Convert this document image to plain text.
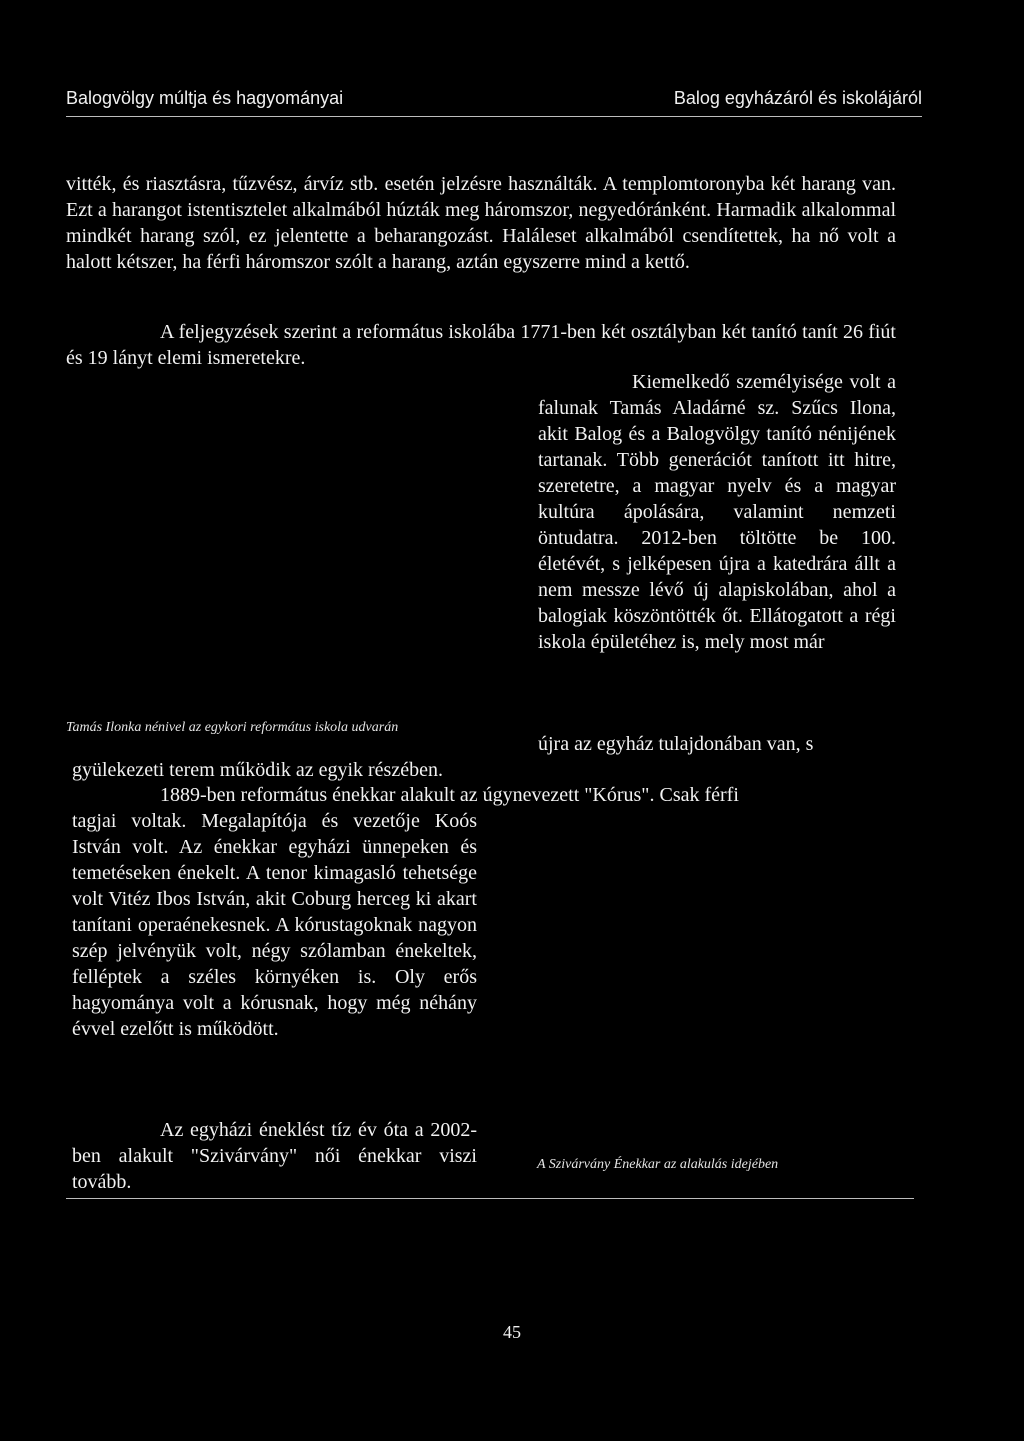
Balogvölgy múltja és hagyományai	Balog egyházáról és iskolájáról

vitték, és riasztásra, tűzvész, árvíz stb. esetén jelzésre használták. A templomtoronyba két harang van. Ezt a harangot istentisztelet alkalmából húzták meg háromszor, negyedóránként. Harmadik alkalommal mindkét harang szól, ez jelentette a beharangozást. Haláleset alkalmából csendítettek, ha nő volt a halott kétszer, ha férfi háromszor szólt a harang, aztán egyszerre mind a kettő.

A feljegyzések szerint a református iskolába 1771-ben két osztályban két tanító tanít 26 fiút és 19 lányt elemi ismeretekre.

Kiemelkedő személyisége volt a falunak Tamás Aladárné sz. Szűcs Ilona, akit Balog és a Balogvölgy tanító nénijének tartanak. Több generációt tanított itt hitre, szeretetre, a magyar nyelv és a magyar kultúra ápolására, valamint nemzeti öntudatra. 2012-ben töltötte be 100. életévét, s jelképesen újra a katedrára állt a nem messze lévő új alapiskolában, ahol a balogiak köszöntötték őt. Ellátogatott a régi iskola épületéhez is, mely most már

Tamás Ilonka nénivel az egykori református iskola udvarán

újra az egyház tulajdonában van, s

gyülekezeti terem működik az egyik részében.

1889-ben református énekkar alakult az úgynevezett "Kórus". Csak férfi

tagjai voltak. Megalapítója és vezetője Koós István volt. Az énekkar egyházi ünnepeken és temetéseken énekelt. A tenor kimagasló tehetsége volt Vitéz Ibos István, akit Coburg herceg ki akart tanítani operaénekesnek. A kórustagoknak nagyon szép jelvényük volt, négy szólamban énekeltek, felléptek a széles környéken is. Oly erős hagyománya volt a kórusnak, hogy még néhány évvel ezelőtt is működött.

Az egyházi éneklést tíz év óta a 2002-ben alakult "Szivárvány" női énekkar viszi tovább.

A Szivárvány Énekkar az alakulás idejében
45
